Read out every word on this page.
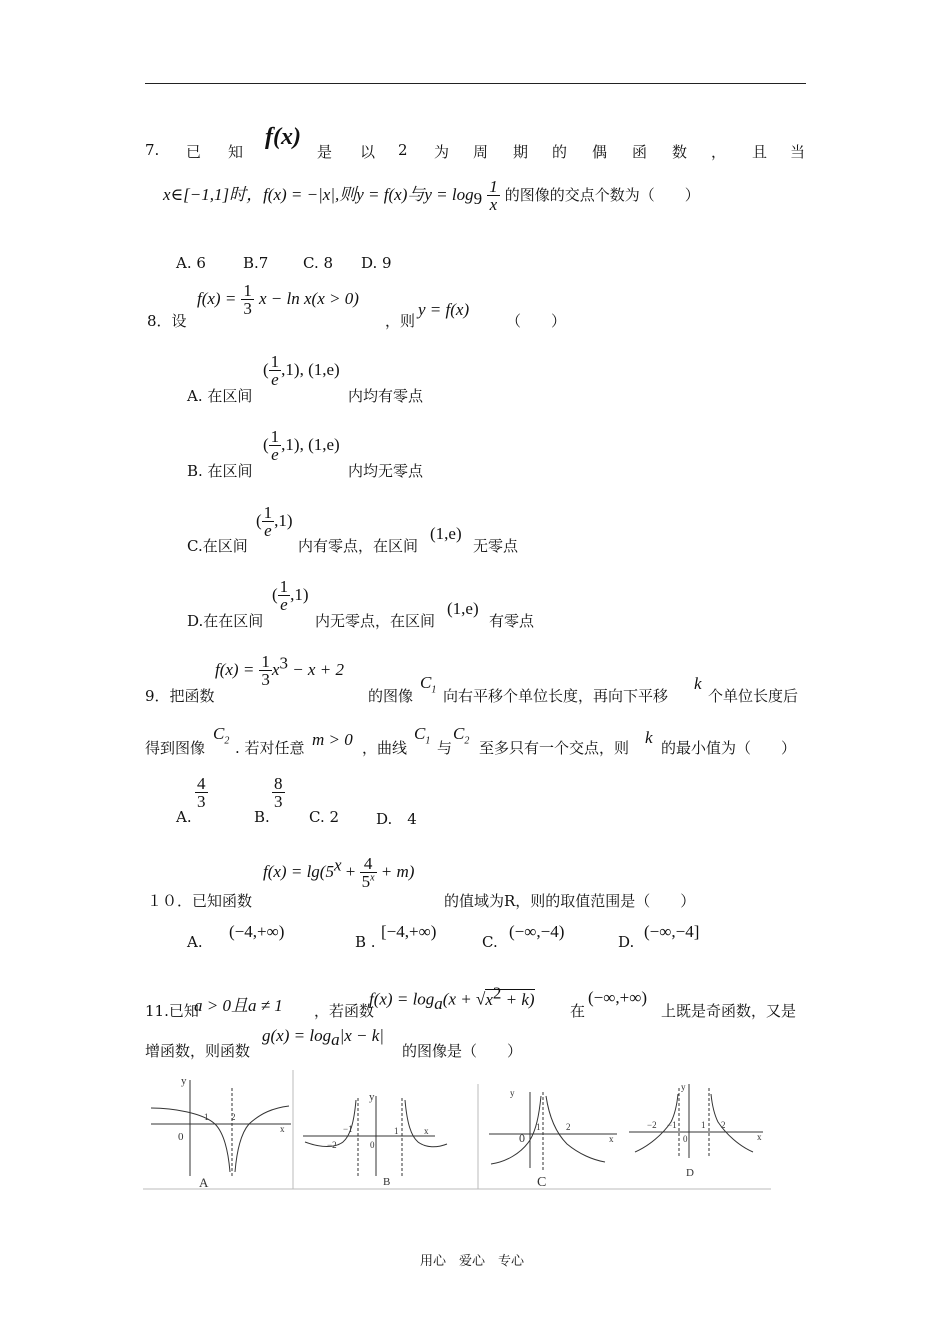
7. 已 知
f(x)
是 以 2 为 周 期 的 偶 函 数 ， 且 当
x∈[−1,1]时，f(x) = −|x|,则y = f(x)与$y = \log_9 \frac{1}{x}$ 的图像的交点个数为（　　）
A. 6 B.7 C. 8 D. 9
8．设
$f(x) = \frac{1}{3}$ x − ln x(x > 0)
，则
y = f(x)
（　　）
A. 在区间
( $\frac{1}{e} ,1$), (1,e)
内均有零点
B. 在区间
( $\frac{1}{e} ,1$), (1,e)
内均无零点
C.在区间
( $\frac{1}{e} ,1$)
内有零点，在区间
(1,e)
无零点
D.在在区间
( $\frac{1}{e} ,1$)
内无零点，在区间
(1,e)
有零点
9．把函数
$f(x) = \frac{1}{3} x^3 - x + 2$
的图像
$C_1$ 向右平移个单位长度，再向下平移
k
个单位长度后
得到图像
$C_2$ . 若对任意 m > 0 ，曲线
$C_1$ 与
$C_2$ 至多只有一个交点，则
k
的最小值为（　　）
A.
$\frac{4}{3}$
B.
$\frac{8}{3}$
C. 2 D.　4
$f(x) = \lg(5^x + \frac{4}{5^x} + m)$
１０．已知函数	的值域为R，则的取值范围是（　　）
A.
(−4,+∞)
B .
[−4,+∞)
C.
(−∞,−4)
D.
(−∞,−4]
11.已知
a > 0且a ≠ 1 ，若函数
$f(x) = \log_a(x + √x^2 + k)$
在
(−∞,+∞)
上既是奇函数，又是
增函数，则函数
$g(x) = \log_a|x - k|$
的图像是（　　）
y
0
1	2
x
A
y
0
−1
−2
1	x
B
y
0
1	2
x
C
y
0
−1
−2	1 2
x
D
用心　爱心　专心
